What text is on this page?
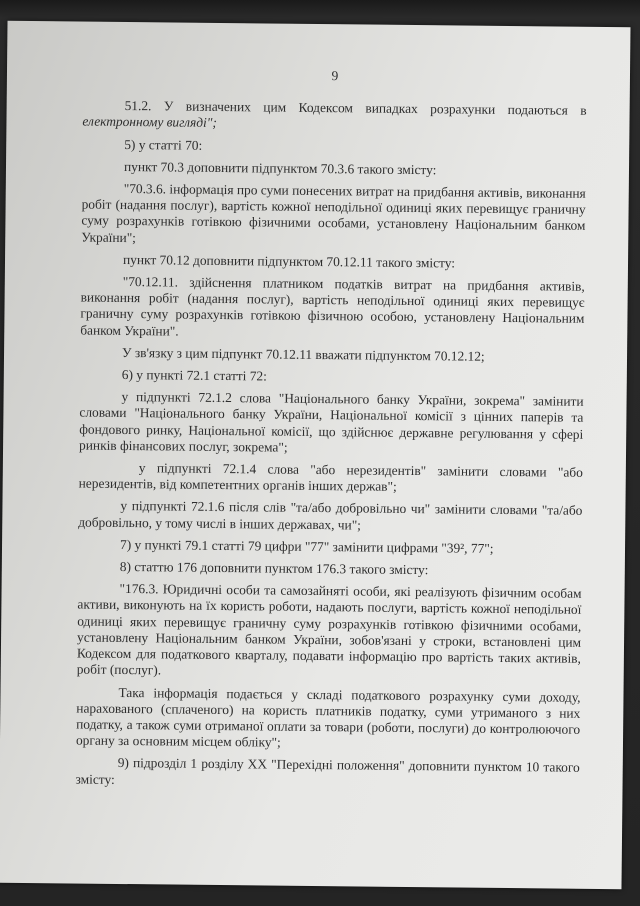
9

51.2. У визначених цим Кодексом випадках розрахунки подаються в електронному вигляді";

5) у статті 70:

пункт 70.3 доповнити підпунктом 70.3.6 такого змісту:

"70.3.6. інформація про суми понесених витрат на придбання активів, виконання робіт (надання послуг), вартість кожної неподільної одиниці яких перевищує граничну суму розрахунків готівкою фізичними особами, установлену Національним банком України";

пункт 70.12 доповнити підпунктом 70.12.11 такого змісту:

"70.12.11. здійснення платником податків витрат на придбання активів, виконання робіт (надання послуг), вартість неподільної одиниці яких перевищує граничну суму розрахунків готівкою фізичною особою, установлену Національним банком України".

У зв'язку з цим підпункт 70.12.11 вважати підпунктом 70.12.12;

6) у пункті 72.1 статті 72:

у підпункті 72.1.2 слова "Національного банку України, зокрема" замінити словами "Національного банку України, Національної комісії з цінних паперів та фондового ринку, Національної комісії, що здійснює державне регулювання у сфері ринків фінансових послуг, зокрема";

у підпункті 72.1.4 слова "або нерезидентів" замінити словами "або нерезидентів, від компетентних органів інших держав";

у підпункті 72.1.6 після слів "та/або добровільно чи" замінити словами "та/або добровільно, у тому числі в інших державах, чи";

7) у пункті 79.1 статті 79 цифри "77" замінити цифрами "39², 77";

8) статтю 176 доповнити пунктом 176.3 такого змісту:

"176.3. Юридичні особи та самозайняті особи, які реалізують фізичним особам активи, виконують на їх користь роботи, надають послуги, вартість кожної неподільної одиниці яких перевищує граничну суму розрахунків готівкою фізичними особами, установлену Національним банком України, зобов'язані у строки, встановлені цим Кодексом для податкового кварталу, подавати інформацію про вартість таких активів, робіт (послуг).

Така інформація подається у складі податкового розрахунку суми доходу, нарахованого (сплаченого) на користь платників податку, суми утриманого з них податку, а також суми отриманої оплати за товари (роботи, послуги) до контролюючого органу за основним місцем обліку";

9) підрозділ 1 розділу XX "Перехідні положення" доповнити пунктом 10 такого змісту:
